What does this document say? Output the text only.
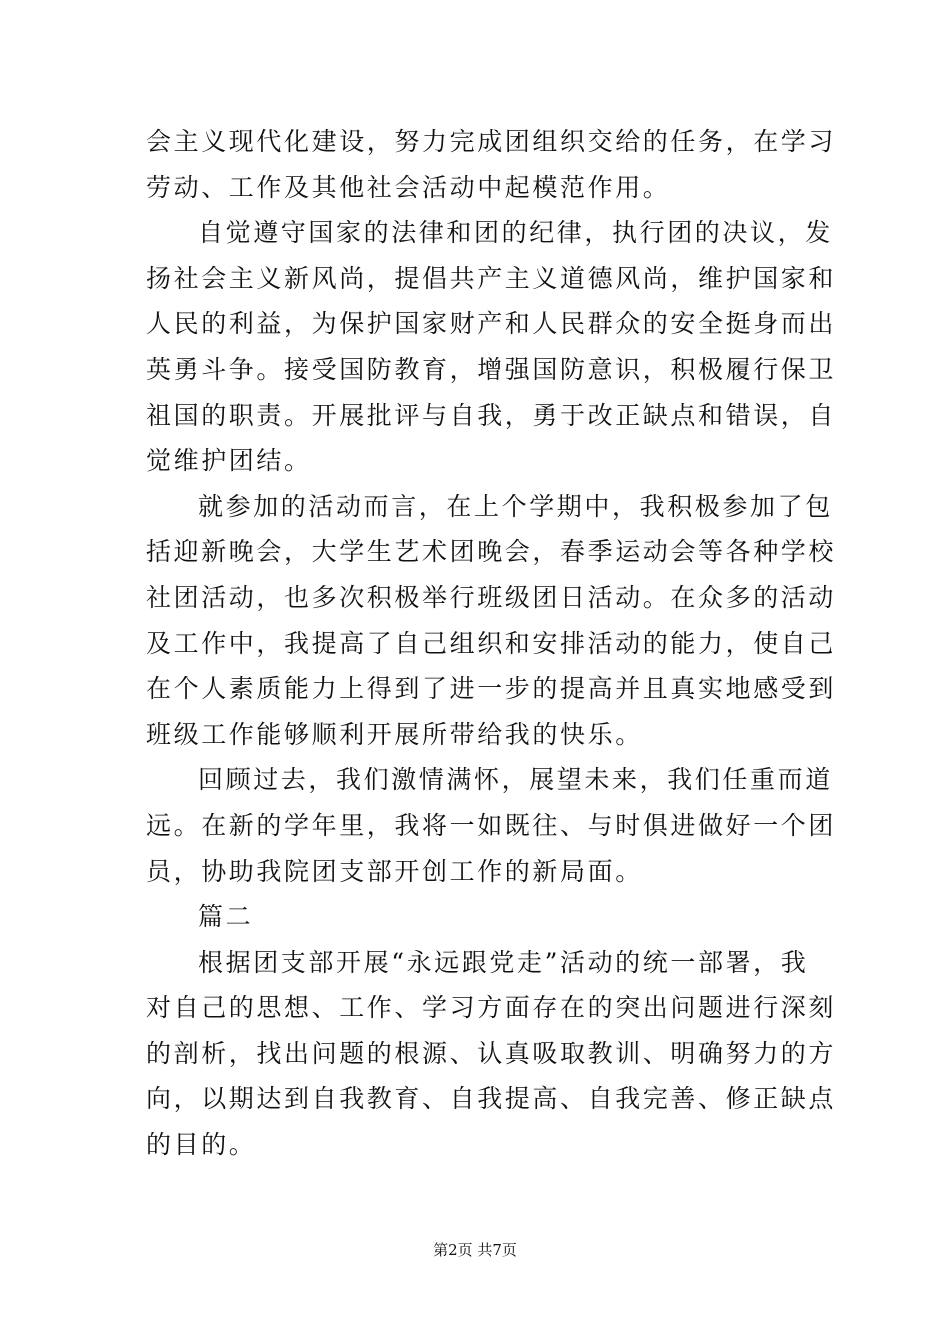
会主义现代化建设，努力完成团组织交给的任务，在学习
劳动、工作及其他社会活动中起模范作用。
自觉遵守国家的法律和团的纪律，执行团的决议，发
扬社会主义新风尚，提倡共产主义道德风尚，维护国家和
人民的利益，为保护国家财产和人民群众的安全挺身而出
英勇斗争。接受国防教育，增强国防意识，积极履行保卫
祖国的职责。开展批评与自我，勇于改正缺点和错误，自
觉维护团结。
就参加的活动而言，在上个学期中，我积极参加了包
括迎新晚会，大学生艺术团晚会，春季运动会等各种学校
社团活动，也多次积极举行班级团日活动。在众多的活动
及工作中，我提高了自己组织和安排活动的能力，使自己
在个人素质能力上得到了进一步的提高并且真实地感受到
班级工作能够顺利开展所带给我的快乐。
回顾过去，我们激情满怀，展望未来，我们任重而道
远。在新的学年里，我将一如既往、与时俱进做好一个团
员，协助我院团支部开创工作的新局面。
篇二
根据团支部开展“永远跟党走”活动的统一部署，我
对自己的思想、工作、学习方面存在的突出问题进行深刻
的剖析，找出问题的根源、认真吸取教训、明确努力的方
向，以期达到自我教育、自我提高、自我完善、修正缺点
的目的。
第2页 共7页
